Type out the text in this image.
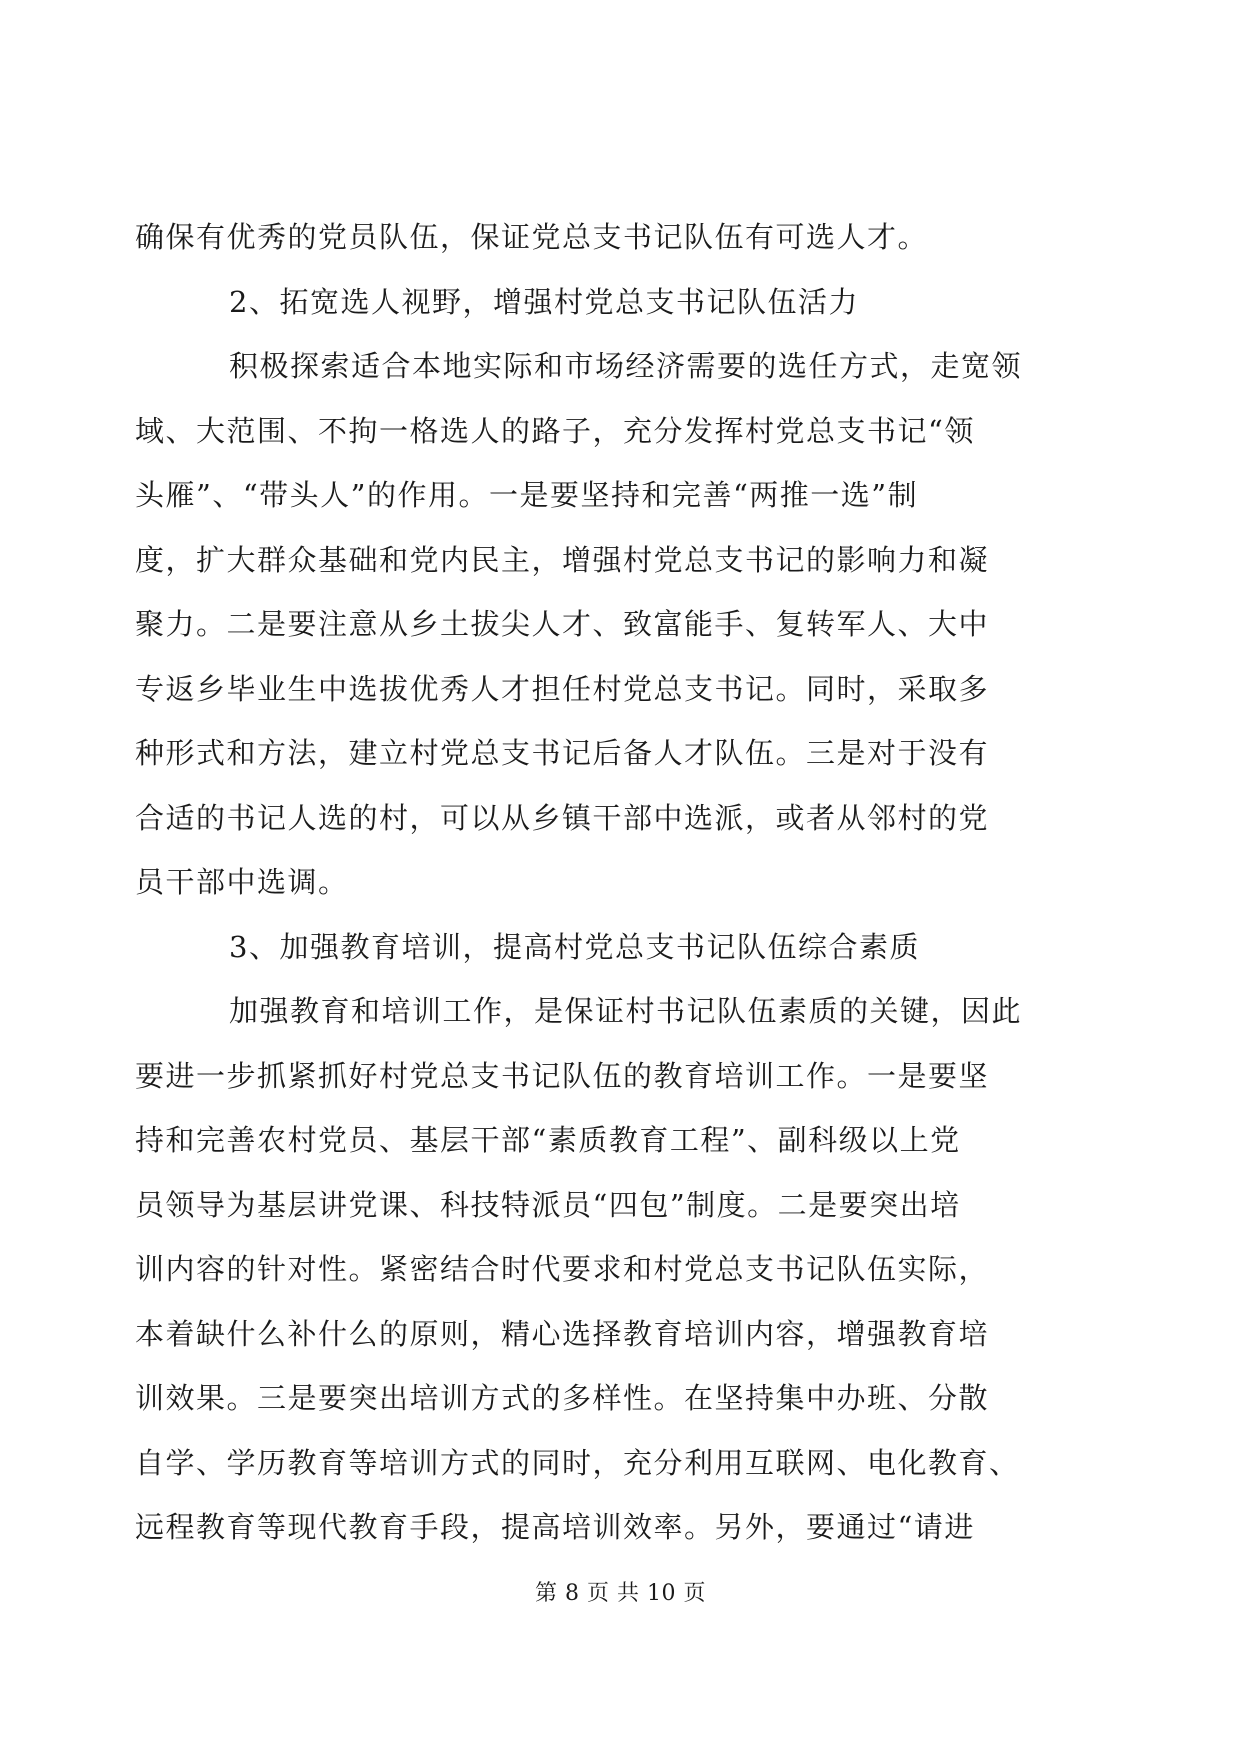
确保有优秀的党员队伍，保证党总支书记队伍有可选人才。
2、拓宽选人视野，增强村党总支书记队伍活力
积极探索适合本地实际和市场经济需要的选任方式，走宽领
域、大范围、不拘一格选人的路子，充分发挥村党总支书记“领
头雁”、“带头人”的作用。一是要坚持和完善“两推一选”制
度，扩大群众基础和党内民主，增强村党总支书记的影响力和凝
聚力。二是要注意从乡土拔尖人才、致富能手、复转军人、大中
专返乡毕业生中选拔优秀人才担任村党总支书记。同时，采取多
种形式和方法，建立村党总支书记后备人才队伍。三是对于没有
合适的书记人选的村，可以从乡镇干部中选派，或者从邻村的党
员干部中选调。
3、加强教育培训，提高村党总支书记队伍综合素质
加强教育和培训工作，是保证村书记队伍素质的关键，因此
要进一步抓紧抓好村党总支书记队伍的教育培训工作。一是要坚
持和完善农村党员、基层干部“素质教育工程”、副科级以上党
员领导为基层讲党课、科技特派员“四包”制度。二是要突出培
训内容的针对性。紧密结合时代要求和村党总支书记队伍实际，
本着缺什么补什么的原则，精心选择教育培训内容，增强教育培
训效果。三是要突出培训方式的多样性。在坚持集中办班、分散
自学、学历教育等培训方式的同时，充分利用互联网、电化教育、
远程教育等现代教育手段，提高培训效率。另外，要通过“请进
第 8 页 共 10 页
